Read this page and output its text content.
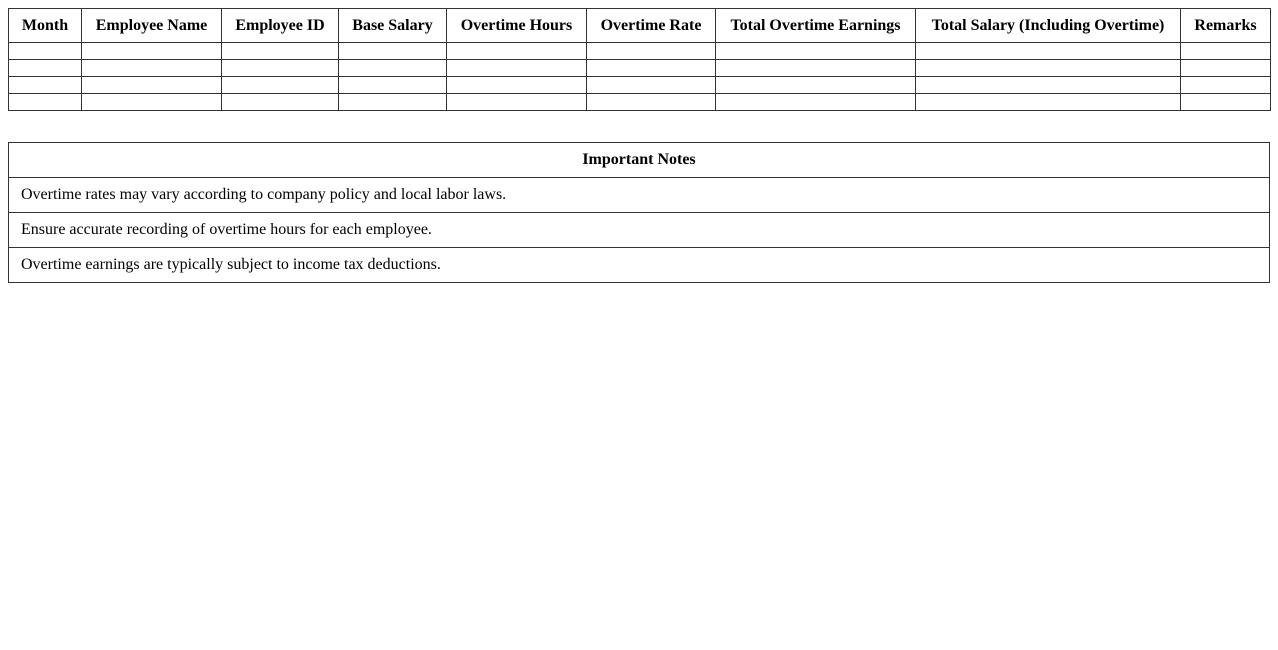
Month	Employee Name	Employee ID	Base Salary	Overtime Hours	Overtime Rate	Total Overtime Earnings	Total Salary (Including Overtime)	Remarks

Important Notes
Overtime rates may vary according to company policy and local labor laws.
Ensure accurate recording of overtime hours for each employee.
Overtime earnings are typically subject to income tax deductions.
